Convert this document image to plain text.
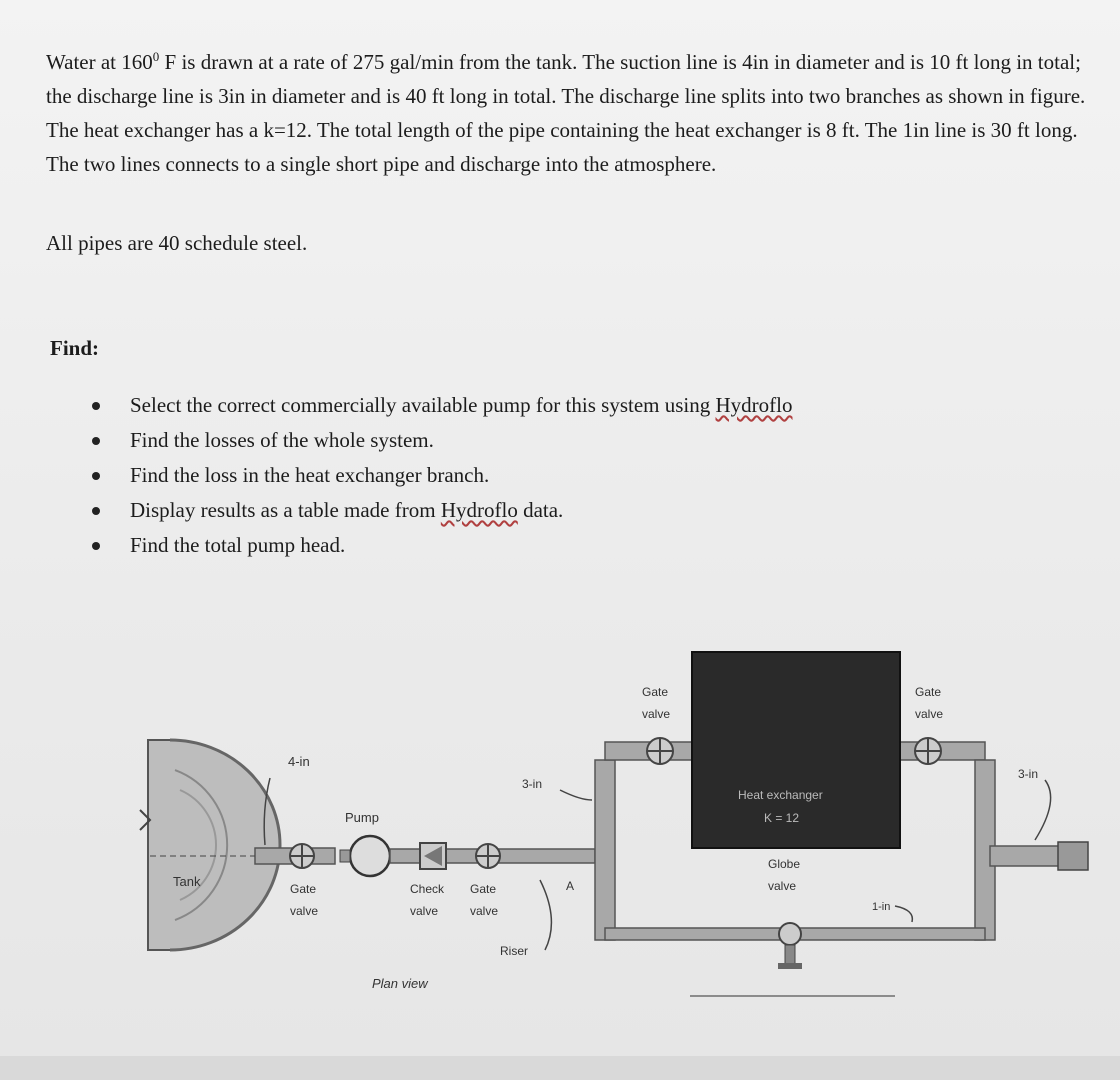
Water at $160^0$ F is drawn at a rate of 275 gal/min from the tank. The suction line is 4in in diameter and is 10 ft long in total; the discharge line is 3in in diameter and is 40 ft long in total. The discharge line splits into two branches as shown in figure. The heat exchanger has a k=12. The total length of the pipe containing the heat exchanger is 8 ft. The 1in line is 30 ft long. The two lines connects to a single short pipe and discharge into the atmosphere.

All pipes are 40 schedule steel.

Find:

Select the correct commercially available pump for this system using Hydroflo
Find the losses of the whole system.
Find the loss in the heat exchanger branch.
Display results as a table made from Hydroflo data.
Find the total pump head.
Tank
4-in
Gate
valve
Pump
Check
valve
Gate
valve
Riser
A
3-in
Gate
valve
Heat exchanger
K = 12
Gate
valve
3-in
Globe
valve
1-in
Plan view
